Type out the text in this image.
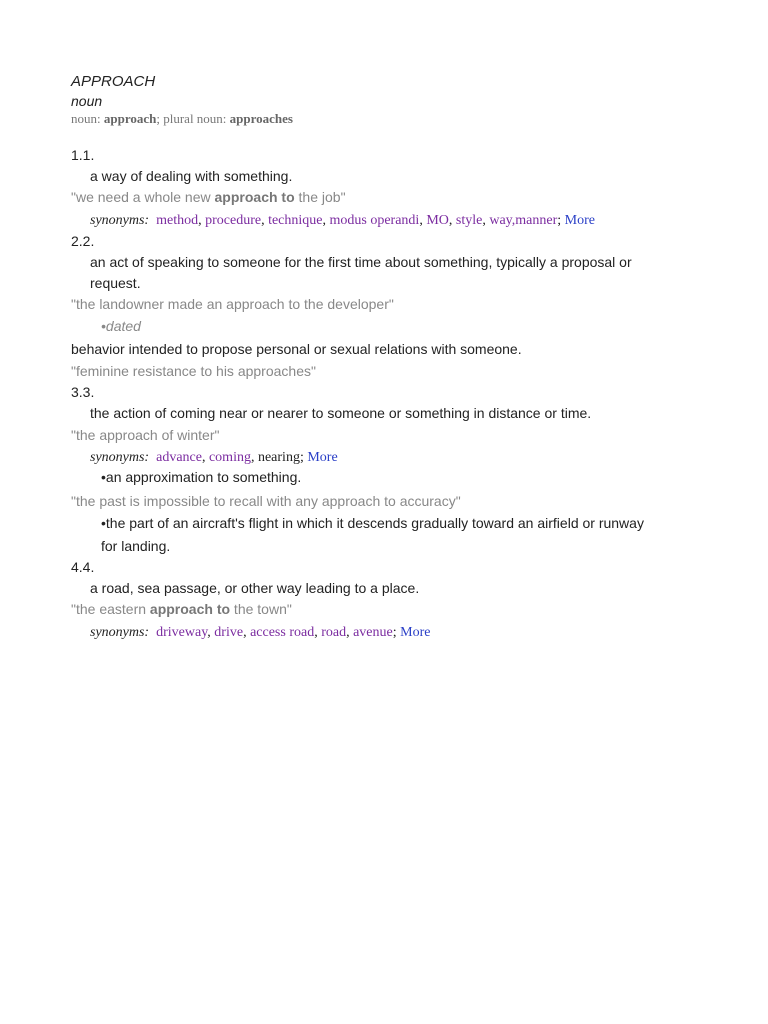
APPROACH
noun
noun: approach; plural noun: approaches
1.1.
a way of dealing with something.
"we need a whole new approach to the job"
synonyms: method, procedure, technique, modus operandi, MO, style, way,manner; More
2.2.
an act of speaking to someone for the first time about something, typically a proposal or
request.
"the landowner made an approach to the developer"
•dated
behavior intended to propose personal or sexual relations with someone.
"feminine resistance to his approaches"
3.3.
the action of coming near or nearer to someone or something in distance or time.
"the approach of winter"
synonyms: advance, coming, nearing; More
•an approximation to something.
"the past is impossible to recall with any approach to accuracy"
•the part of an aircraft's flight in which it descends gradually toward an airfield or runway
for landing.
4.4.
a road, sea passage, or other way leading to a place.
"the eastern approach to the town"
synonyms: driveway, drive, access road, road, avenue; More
